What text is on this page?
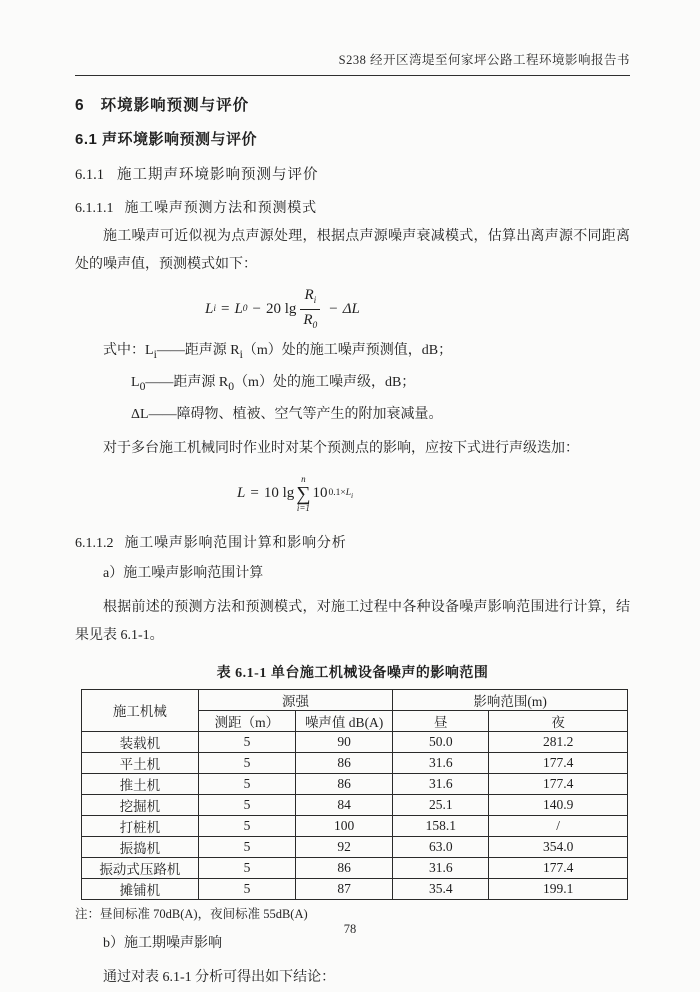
S238 经开区湾堤至何家坪公路工程环境影响报告书
6 环境影响预测与评价
6.1 声环境影响预测与评价
6.1.1 施工期声环境影响预测与评价
6.1.1.1 施工噪声预测方法和预测模式
施工噪声可近似视为点声源处理，根据点声源噪声衰减模式，估算出离声源不同距离处的噪声值，预测模式如下：
L i = L 0 − 20 $\lg \frac{R_i}{R_0} - \Delta L$
式中：$L_i——$距声源 $R_i(m)$处的施工噪声预测值，dB；
$L_0——$距声源 $R_0(m)$处的施工噪声级，dB；
ΔL——障碍物、植被、空气等产生的附加衰减量。
对于多台施工机械同时作业时对某个预测点的影响，应按下式进行声级迭加：
L = 10 lg
n
∑
i=1
10 $0.1\times L_i$
6.1.1.2 施工噪声影响范围计算和影响分析
a）施工噪声影响范围计算
根据前述的预测方法和预测模式，对施工过程中各种设备噪声影响范围进行计算，结果见表 6.1-1。
表 6.1-1 单台施工机械设备噪声的影响范围
施工机械	源强		影响范围(m)	
	测距（m）	噪声值 dB(A)	昼	夜
装载机	5	90	50.0	281.2
平土机	5	86	31.6	177.4
推土机	5	86	31.6	177.4
挖掘机	5	84	25.1	140.9
打桩机	5	100	158.1	/
振捣机	5	92	63.0	354.0
振动式压路机	5	86	31.6	177.4
摊铺机	5	87	35.4	199.1
注：昼间标准 70dB(A)，夜间标准 55dB(A)
b）施工期噪声影响
通过对表 6.1-1 分析可得出如下结论：
78
